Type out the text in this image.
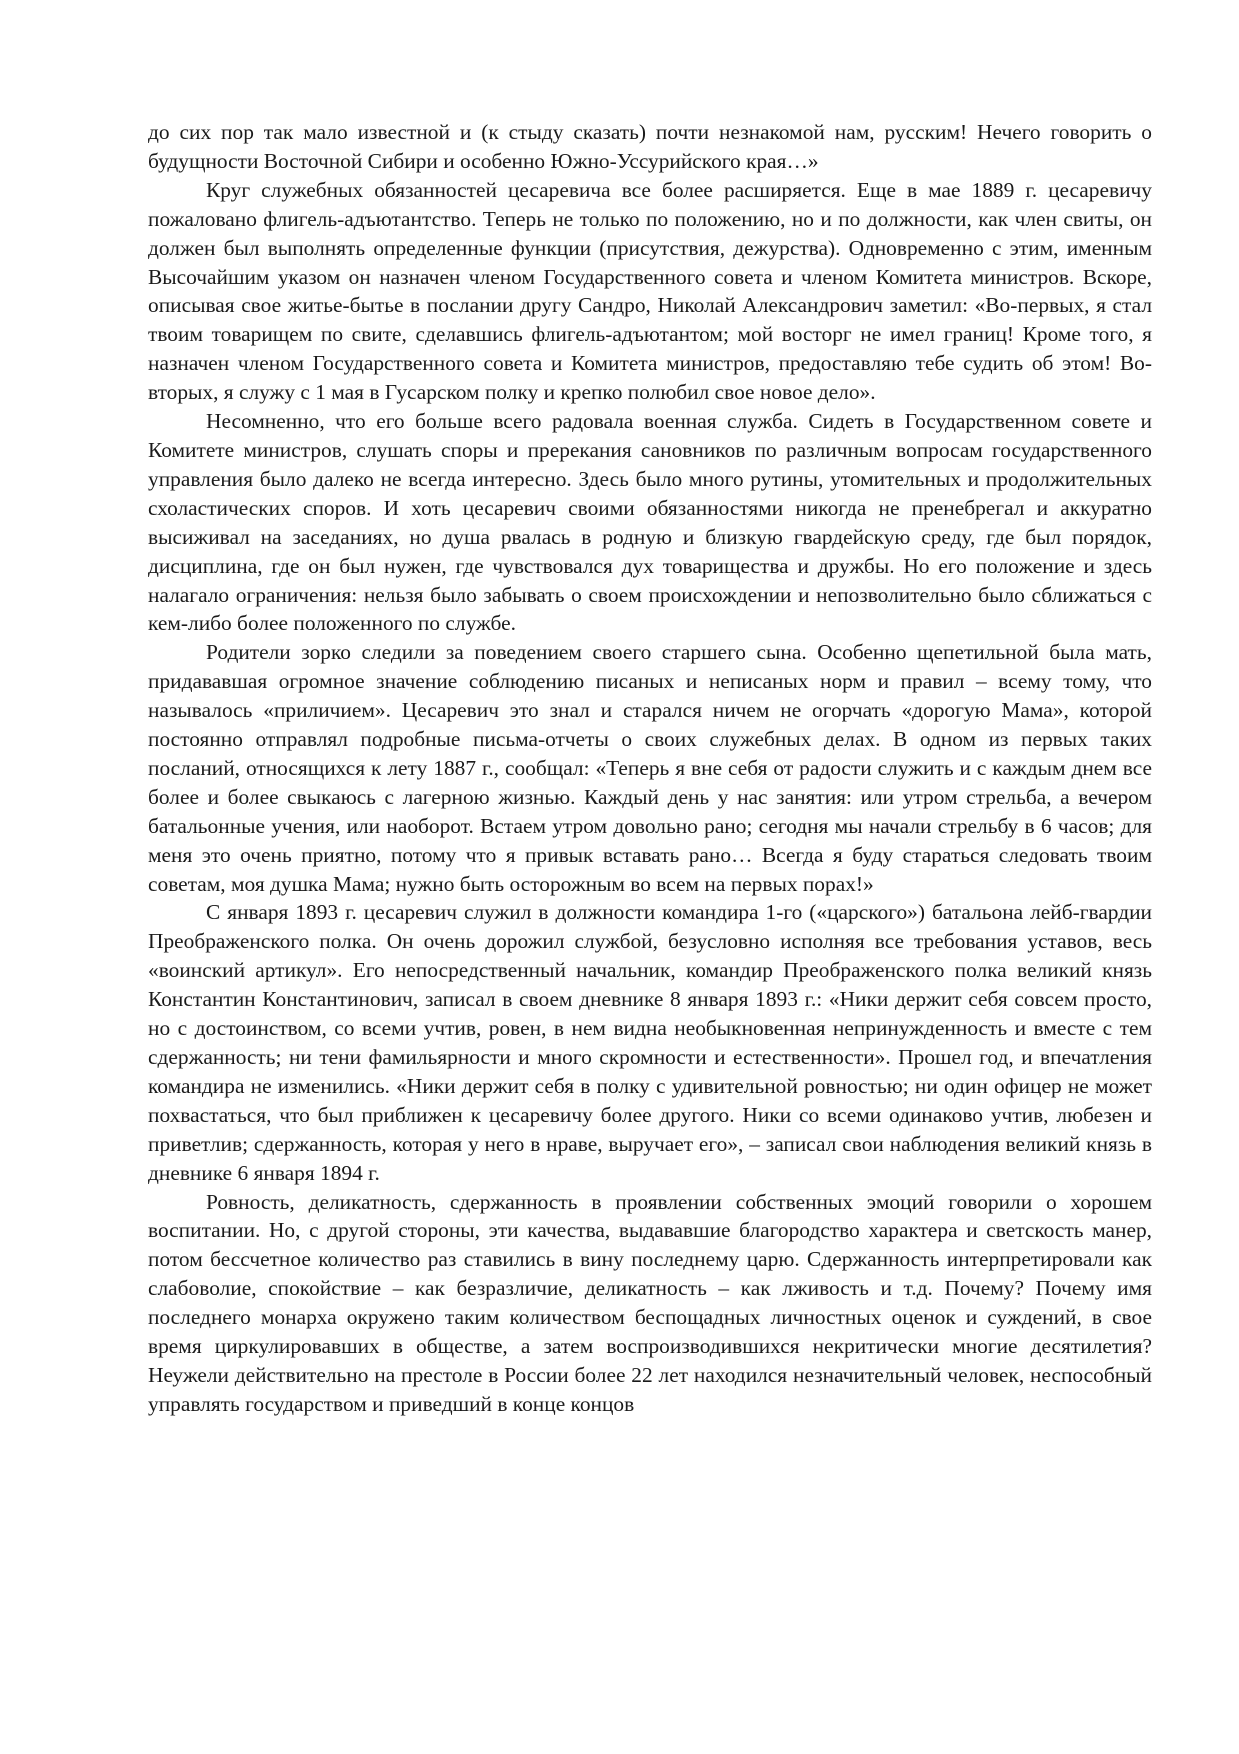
до сих пор так мало известной и (к стыду сказать) почти незнакомой нам, русским! Нечего говорить о будущности Восточной Сибири и особенно Южно-Уссурийского края…»

Круг служебных обязанностей цесаревича все более расширяется. Еще в мае 1889 г. цесаревичу пожаловано флигель-адъютантство. Теперь не только по положению, но и по должности, как член свиты, он должен был выполнять определенные функции (присутствия, дежурства). Одновременно с этим, именным Высочайшим указом он назначен членом Государственного совета и членом Комитета министров. Вскоре, описывая свое житье-бытье в послании другу Сандро, Николай Александрович заметил: «Во-первых, я стал твоим товарищем по свите, сделавшись флигель-адъютантом; мой восторг не имел границ! Кроме того, я назначен членом Государственного совета и Комитета министров, предоставляю тебе судить об этом! Во-вторых, я служу с 1 мая в Гусарском полку и крепко полюбил свое новое дело».

Несомненно, что его больше всего радовала военная служба. Сидеть в Государственном совете и Комитете министров, слушать споры и пререкания сановников по различным вопросам государственного управления было далеко не всегда интересно. Здесь было много рутины, утомительных и продолжительных схоластических споров. И хоть цесаревич своими обязанностями никогда не пренебрегал и аккуратно высиживал на заседаниях, но душа рвалась в родную и близкую гвардейскую среду, где был порядок, дисциплина, где он был нужен, где чувствовался дух товарищества и дружбы. Но его положение и здесь налагало ограничения: нельзя было забывать о своем происхождении и непозволительно было сближаться с кем-либо более положенного по службе.

Родители зорко следили за поведением своего старшего сына. Особенно щепетильной была мать, придававшая огромное значение соблюдению писаных и неписаных норм и правил – всему тому, что называлось «приличием». Цесаревич это знал и старался ничем не огорчать «дорогую Мама», которой постоянно отправлял подробные письма-отчеты о своих служебных делах. В одном из первых таких посланий, относящихся к лету 1887 г., сообщал: «Теперь я вне себя от радости служить и с каждым днем все более и более свыкаюсь с лагерною жизнью. Каждый день у нас занятия: или утром стрельба, а вечером батальонные учения, или наоборот. Встаем утром довольно рано; сегодня мы начали стрельбу в 6 часов; для меня это очень приятно, потому что я привык вставать рано… Всегда я буду стараться следовать твоим советам, моя душка Мама; нужно быть осторожным во всем на первых порах!»

С января 1893 г. цесаревич служил в должности командира 1-го («царского») батальона лейб-гвардии Преображенского полка. Он очень дорожил службой, безусловно исполняя все требования уставов, весь «воинский артикул». Его непосредственный начальник, командир Преображенского полка великий князь Константин Константинович, записал в своем дневнике 8 января 1893 г.: «Ники держит себя совсем просто, но с достоинством, со всеми учтив, ровен, в нем видна необыкновенная непринужденность и вместе с тем сдержанность; ни тени фамильярности и много скромности и естественности». Прошел год, и впечатления командира не изменились. «Ники держит себя в полку с удивительной ровностью; ни один офицер не может похвастаться, что был приближен к цесаревичу более другого. Ники со всеми одинаково учтив, любезен и приветлив; сдержанность, которая у него в нраве, выручает его», – записал свои наблюдения великий князь в дневнике 6 января 1894 г.

Ровность, деликатность, сдержанность в проявлении собственных эмоций говорили о хорошем воспитании. Но, с другой стороны, эти качества, выдававшие благородство характера и светскость манер, потом бессчетное количество раз ставились в вину последнему царю. Сдержанность интерпретировали как слабоволие, спокойствие – как безразличие, деликатность – как лживость и т.д. Почему? Почему имя последнего монарха окружено таким количеством беспощадных личностных оценок и суждений, в свое время циркулировавших в обществе, а затем воспроизводившихся некритически многие десятилетия? Неужели действительно на престоле в России более 22 лет находился незначительный человек, неспособный управлять государством и приведший в конце концов
